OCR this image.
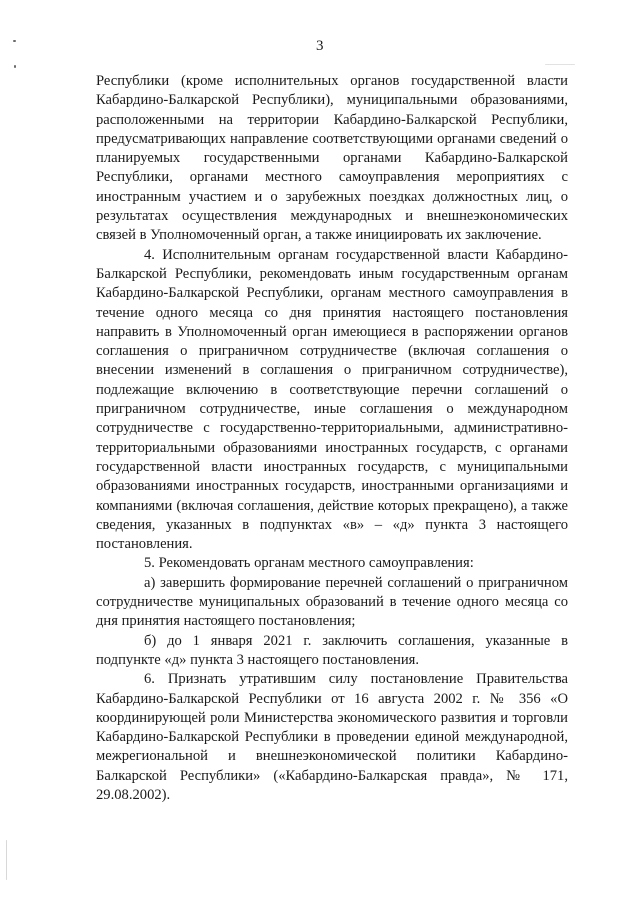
3

Республики (кроме исполнительных органов государственной власти Кабардино-Балкарской Республики), муниципальными образованиями, расположенными на территории Кабардино-Балкарской Республики, предусматривающих направление соответствующими органами сведений о планируемых государственными органами Кабардино-Балкарской Республики, органами местного самоуправления мероприятиях с иностранным участием и о зарубежных поездках должностных лиц, о результатах осуществления международных и внешнеэкономических связей в Уполномоченный орган, а также инициировать их заключение.

4. Исполнительным органам государственной власти Кабардино-Балкарской Республики, рекомендовать иным государственным органам Кабардино-Балкарской Республики, органам местного самоуправления в течение одного месяца со дня принятия настоящего постановления направить в Уполномоченный орган имеющиеся в распоряжении органов соглашения о приграничном сотрудничестве (включая соглашения о внесении изменений в соглашения о приграничном сотрудничестве), подлежащие включению в соответствующие перечни соглашений о приграничном сотрудничестве, иные соглашения о международном сотрудничестве с государственно-территориальными, административно-территориальными образованиями иностранных государств, с органами государственной власти иностранных государств, с муниципальными образованиями иностранных государств, иностранными организациями и компаниями (включая соглашения, действие которых прекращено), а также сведения, указанных в подпунктах «в» – «д» пункта 3 настоящего постановления.

5. Рекомендовать органам местного самоуправления:

а) завершить формирование перечней соглашений о приграничном сотрудничестве муниципальных образований в течение одного месяца со дня принятия настоящего постановления;

б) до 1 января 2021 г. заключить соглашения, указанные в подпункте «д» пункта 3 настоящего постановления.

6. Признать утратившим силу постановление Правительства Кабардино-Балкарской Республики от 16 августа 2002 г. № 356 «О координирующей роли Министерства экономического развития и торговли Кабардино-Балкарской Республики в проведении единой международной, межрегиональной и внешнеэкономической политики Кабардино-Балкарской Республики» («Кабардино-Балкарская правда», № 171, 29.08.2002).
